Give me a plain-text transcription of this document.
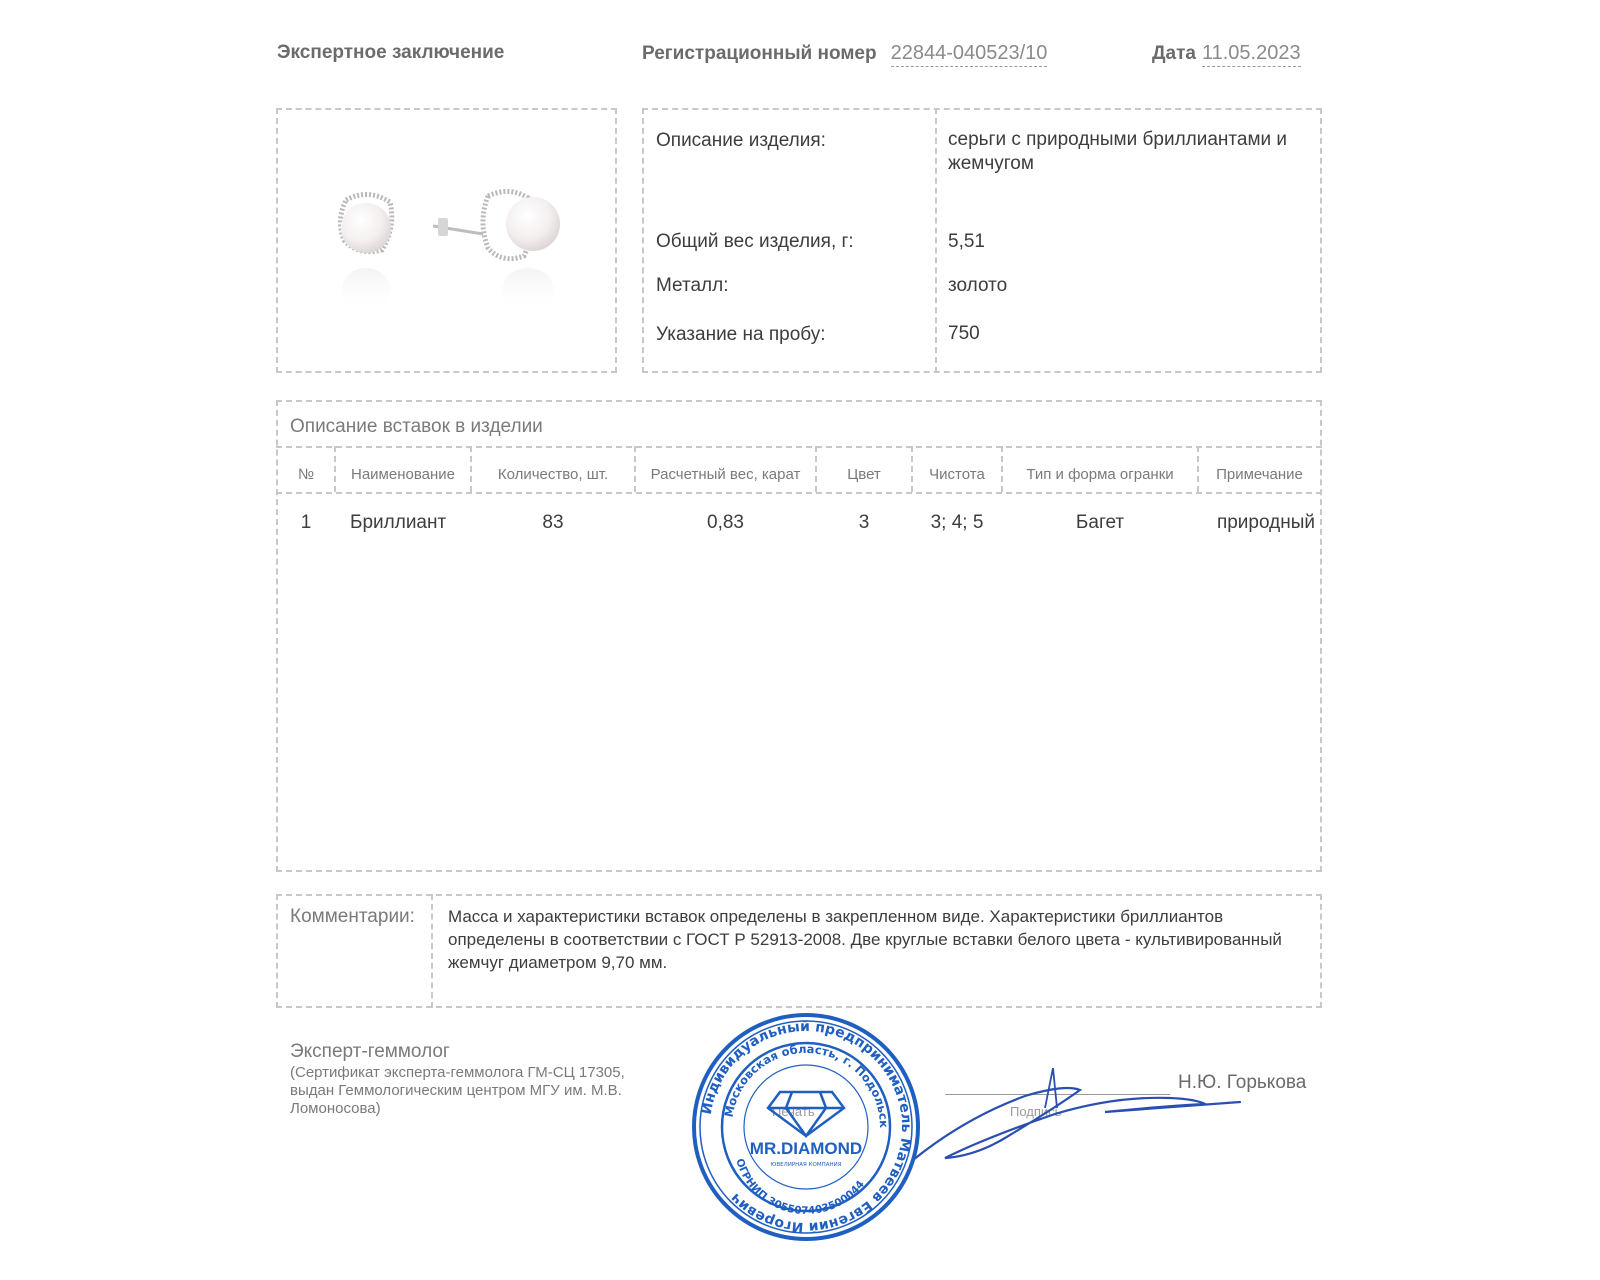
Экспертное заключение	Регистрационный номер 22844-040523/10	Дата 11.05.2023
Описание изделия:	серьги с природными бриллиантами и жемчугом
Общий вес изделия, г:	5,51
Металл:	золото
Указание на пробу:	750
Описание вставок в изделии
№	Наименование	Количество, шт.	Расчетный вес, карат	Цвет	Чистота	Тип и форма огранки	Примечание
1	Бриллиант	83	0,83	3	3; 4; 5	Багет	природный
Комментарии: Масса и характеристики вставок определены в закрепленном виде. Характеристики бриллиантов определены в соответствии с ГОСТ Р 52913-2008. Две круглые вставки белого цвета - культивированный жемчуг диаметром 9,70 мм.
Эксперт-геммолог
(Сертификат эксперта-геммолога ГМ-СЦ 17305, выдан Геммологическим центром МГУ им. М.В. Ломоносова)
Н.Ю. Горькова
Печать	Подпись
Индивидуальный предприниматель Матвеев Евгений Игоревич
Московская область, г. Подольск
ОГРНИП 305507403500044
MR.DIAMOND
ЮВЕЛИРНАЯ КОМПАНИЯ
